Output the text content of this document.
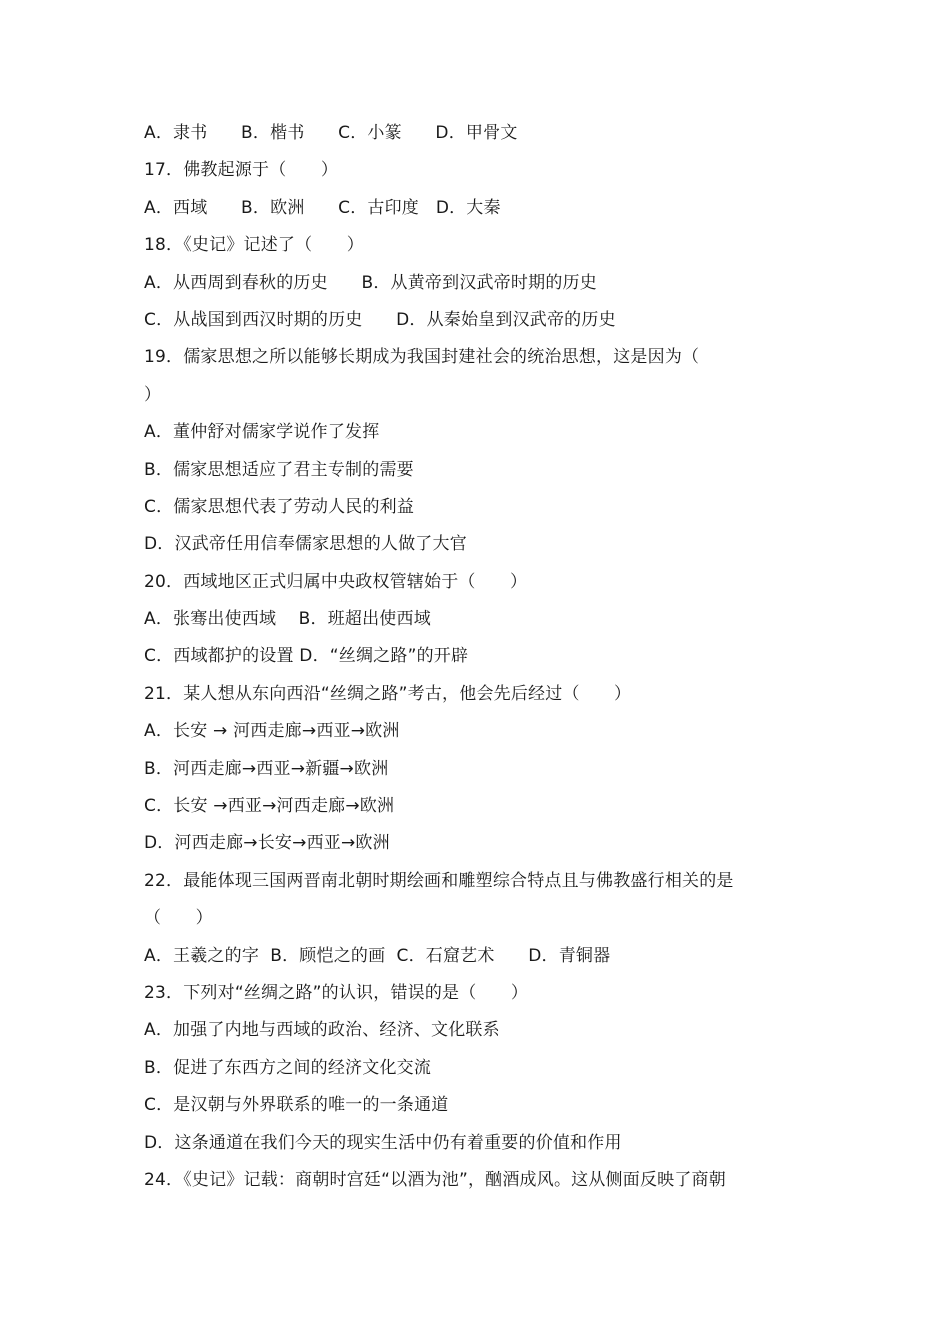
A．隶书      B．楷书      C．小篆      D．甲骨文
17．佛教起源于（　　）
A．西域      B．欧洲      C．古印度   D．大秦
18．《史记》记述了（　　）
A．从西周到春秋的历史      B．从黄帝到汉武帝时期的历史
C．从战国到西汉时期的历史      D．从秦始皇到汉武帝的历史
19．儒家思想之所以能够长期成为我国封建社会的统治思想，这是因为（
）
A．董仲舒对儒家学说作了发挥
B．儒家思想适应了君主专制的需要
C．儒家思想代表了劳动人民的利益
D．汉武帝任用信奉儒家思想的人做了大官
20．西域地区正式归属中央政权管辖始于（　　）
A．张骞出使西域    B．班超出使西域
C．西域都护的设置 D．“丝绸之路”的开辟
21．某人想从东向西沿“丝绸之路”考古，他会先后经过（　　）
A．长安 → 河西走廊→西亚→欧洲
B．河西走廊→西亚→新疆→欧洲
C．长安 →西亚→河西走廊→欧洲
D．河西走廊→长安→西亚→欧洲
22．最能体现三国两晋南北朝时期绘画和雕塑综合特点且与佛教盛行相关的是
（　　）
A．王羲之的字  B．顾恺之的画  C．石窟艺术      D．青铜器
23．下列对“丝绸之路”的认识，错误的是（　　）
A．加强了内地与西域的政治、经济、文化联系
B．促进了东西方之间的经济文化交流
C．是汉朝与外界联系的唯一的一条通道
D．这条通道在我们今天的现实生活中仍有着重要的价值和作用
24．《史记》记载：商朝时宫廷“以酒为池”，酗酒成风。这从侧面反映了商朝
